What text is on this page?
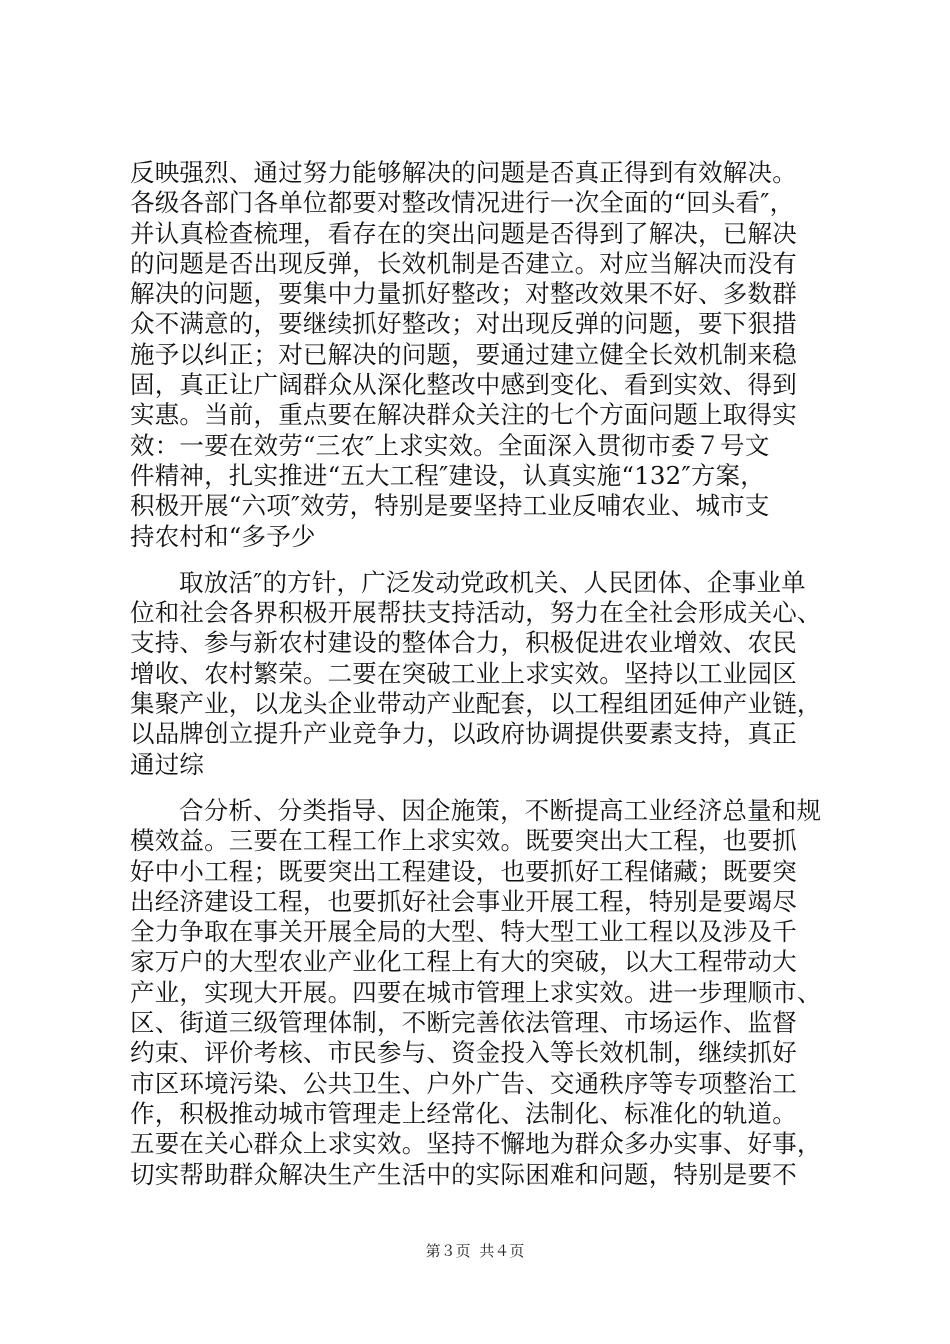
反映强烈、通过努力能够解决的问题是否真正得到有效解决。
各级各部门各单位都要对整改情况进行一次全面的“回头看″，
并认真检查梳理，看存在的突出问题是否得到了解决，已解决
的问题是否出现反弹，长效机制是否建立。对应当解决而没有
解决的问题，要集中力量抓好整改；对整改效果不好、多数群
众不满意的，要继续抓好整改；对出现反弹的问题，要下狠措
施予以纠正；对已解决的问题，要通过建立健全长效机制来稳
固，真正让广阔群众从深化整改中感到变化、看到实效、得到
实惠。当前，重点要在解决群众关注的七个方面问题上取得实
效：一要在效劳“三农″上求实效。全面深入贯彻市委７号文
件精神，扎实推进“五大工程″建设，认真实施“132″方案，
积极开展“六项″效劳，特别是要坚持工业反哺农业、城市支
持农村和“多予少
取放活″的方针，广泛发动党政机关、人民团体、企事业单
位和社会各界积极开展帮扶支持活动，努力在全社会形成关心、
支持、参与新农村建设的整体合力，积极促进农业增效、农民
增收、农村繁荣。二要在突破工业上求实效。坚持以工业园区
集聚产业，以龙头企业带动产业配套，以工程组团延伸产业链，
以品牌创立提升产业竞争力，以政府协调提供要素支持，真正
通过综
合分析、分类指导、因企施策，不断提高工业经济总量和规
模效益。三要在工程工作上求实效。既要突出大工程，也要抓
好中小工程；既要突出工程建设，也要抓好工程储藏；既要突
出经济建设工程，也要抓好社会事业开展工程，特别是要竭尽
全力争取在事关开展全局的大型、特大型工业工程以及涉及千
家万户的大型农业产业化工程上有大的突破，以大工程带动大
产业，实现大开展。四要在城市管理上求实效。进一步理顺市、
区、街道三级管理体制，不断完善依法管理、市场运作、监督
约束、评价考核、市民参与、资金投入等长效机制，继续抓好
市区环境污染、公共卫生、户外广告、交通秩序等专项整治工
作，积极推动城市管理走上经常化、法制化、标准化的轨道。
五要在关心群众上求实效。坚持不懈地为群众多办实事、好事，
切实帮助群众解决生产生活中的实际困难和问题，特别是要不
第３页 共４页
